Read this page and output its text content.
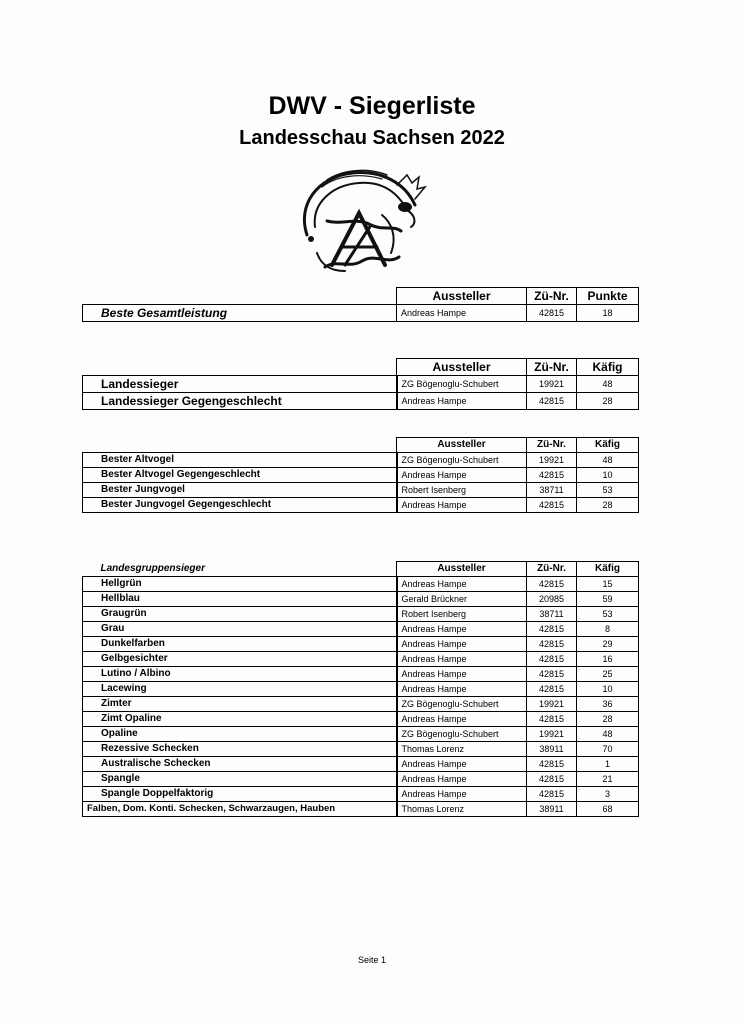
DWV - Siegerliste
Landesschau Sachsen 2022
	Aussteller	Zü-Nr.	Punkte
Beste Gesamtleistung	Andreas Hampe	42815	18
	Aussteller	Zü-Nr.	Käfig
Landessieger	ZG Bögenoglu-Schubert	19921	48
Landessieger Gegengeschlecht	Andreas Hampe	42815	28
	Aussteller	Zü-Nr.	Käfig
Bester Altvogel	ZG Bögenoglu-Schubert	19921	48
Bester Altvogel Gegengeschlecht	Andreas Hampe	42815	10
Bester Jungvogel	Robert Isenberg	38711	53
Bester Jungvogel Gegengeschlecht	Andreas Hampe	42815	28
Landesgruppensieger	Aussteller	Zü-Nr.	Käfig
Hellgrün	Andreas Hampe	42815	15
Hellblau	Gerald Brückner	20985	59
Graugrün	Robert Isenberg	38711	53
Grau	Andreas Hampe	42815	8
Dunkelfarben	Andreas Hampe	42815	29
Gelbgesichter	Andreas Hampe	42815	16
Lutino / Albino	Andreas Hampe	42815	25
Lacewing	Andreas Hampe	42815	10
Zimter	ZG Bögenoglu-Schubert	19921	36
Zimt Opaline	Andreas Hampe	42815	28
Opaline	ZG Bögenoglu-Schubert	19921	48
Rezessive Schecken	Thomas Lorenz	38911	70
Australische Schecken	Andreas Hampe	42815	1
Spangle	Andreas Hampe	42815	21
Spangle Doppelfaktorig	Andreas Hampe	42815	3
Falben, Dom. Konti. Schecken, Schwarzaugen, Hauben	Thomas Lorenz	38911	68
Seite 1
